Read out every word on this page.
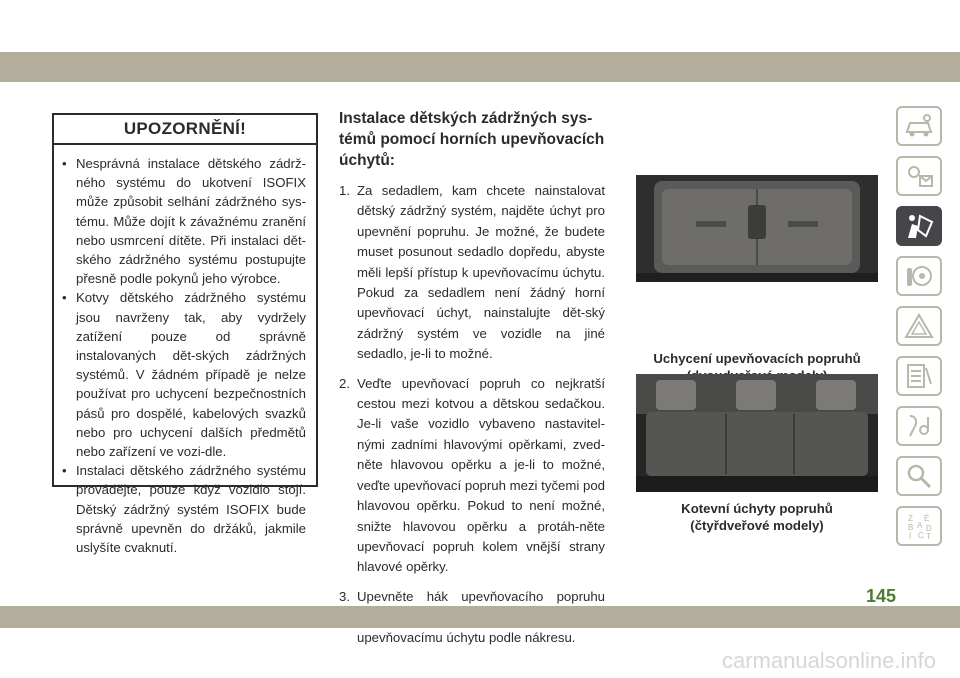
UPOZORNĚNÍ!
• Nesprávná instalace dětského zádrž-ného systému do ukotvení ISOFIX může způsobit selhání zádržného sys-tému. Může dojít k závažnému zranění nebo usmrcení dítěte. Při instalaci dět-ského zádržného systému postupujte přesně podle pokynů jeho výrobce.
• Kotvy dětského zádržného systému jsou navrženy tak, aby vydržely zatížení pouze od správně instalovaných dět-ských zádržných systémů. V žádném případě je nelze používat pro uchycení bezpečnostních pásů pro dospělé, kabelových svazků nebo pro uchycení dalších předmětů nebo zařízení ve vozi-dle.
• Instalaci dětského zádržného systému provádějte, pouze když vozidlo stojí. Dětský zádržný systém ISOFIX bude správně upevněn do držáků, jakmile uslyšíte cvaknutí.
Instalace dětských zádržných sys-témů pomocí horních upevňovacích úchytů:
1. Za sedadlem, kam chcete nainstalovat dětský zádržný systém, najděte úchyt pro upevnění popruhu. Je možné, že budete muset posunout sedadlo dopředu, abyste měli lepší přístup k upevňovacímu úchytu. Pokud za sedadlem není žádný horní upevňovací úchyt, nainstalujte dět-ský zádržný systém ve vozidle na jiné sedadlo, je-li to možné.
2. Veďte upevňovací popruh co nejkratší cestou mezi kotvou a dětskou sedačkou. Je-li vaše vozidlo vybaveno nastavitel-nými zadními hlavovými opěrkami, zved-něte hlavovou opěrku a je-li to možné, veďte upevňovací popruh mezi tyčemi pod hlavovou opěrku. Pokud to není možné, snižte hlavovou opěrku a protáh-něte upevňovací popruh kolem vnější strany hlavové opěrky.
3. Upevněte hák upevňovacího popruhu upevňovacímu úchytu podle nákresu.
Uchycení upevňovacích popruhů
Kotevní úchyty popruhů
(čtyřdveřové modely)	Z É
B A
C
D
Í T
145
carmanualsonline.info
